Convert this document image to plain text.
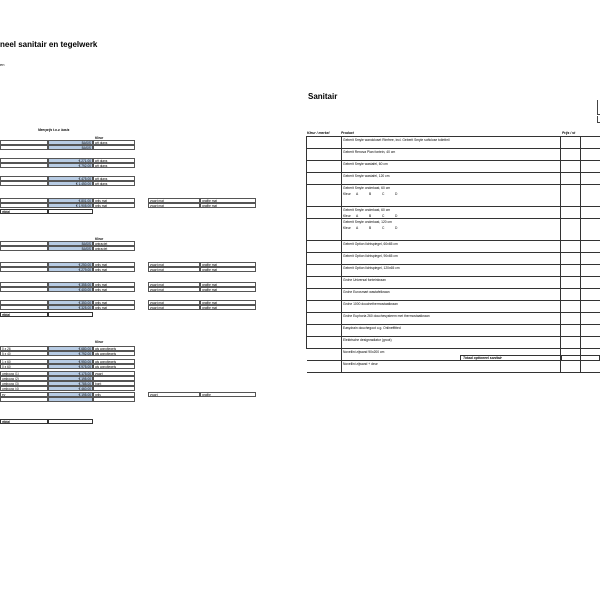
neel sanitair en tegelwerk
en
Meerprijs t.o.v. basis
Kleur
BASIS	wit glans
BASIS
€ 271,00	wit glans
€ 792,00	wit glans
€ 475,00	wit glans
€ 1.450,00	wit glans
€ 801,00	grijs mat	zwart mat	grafite mat
€ 1.905,00	grijs mat	zwart mat	grafite mat
rtbtal
Kleur
BASIS	antraciet
BASIS	antraciet
€ 250,00	grijs mat	zwart mat	grafite mat
€ 279,00	grijs mat	zwart mat	grafite mat
€ 355,00	grijs mat	zwart mat	grafite mat
€ 400,00	grijs mat	zwart mat	grafite mat
€ 350,00	grijs mat	zwart mat	grafite mat
€ 325,00	grijs mat	zwart mat	grafite mat
rtbtal
Kleur
0 x 26	€ 680,00	als wandtegels
5 x 40	€ 792,00	als wandtegels
1 x 60	€ 950,00	als wandtegels
0 x 60	€ 975,00	als wandtegels
ombouw (1)	€ 175,00	zwart
ombouw (2)	€ 195,00
ombouw (3)	€ 785,00	bont
ombouw (4)	€ 460,00
ev	€ 195,00	grijs	zwart	grafite
rtbtal
Sanitair
Kleur / merkel	Product	Prijs / st
Geberit Smyle wandcloset Rimfree, incl. Geberit Smyle softclose toiletbril
Geberit Renova Plan fontein, 40 cm
Geberit Smyle wastafel, 60 cm
Geberit Smyle wastafel, 120 cm
Geberit Smyle onderkast, 60 cm
Kleur A	B	C	D
Geberit Smyle onderkast, 60 cm
Kleur A	B	C	D
Geberit Smyle onderkast, 120 cm
Kleur A	B	C	D
Geberit Option lichtspiegel, 60x65 cm
Geberit Option lichtspiegel, 90x65 cm
Geberit Option lichtspiegel, 120x65 cm
Grohe Universal fonteinkraan
Grohe Eurosmart wastafelkraan
Grohe 1000 douchethermostaatkraan
Grohe Euphoria 260 douchesysteem met thermostaatkraan
Easydrain douchegoot o.g. Onlineffitted
Elektrische designradiator (groot)
Novellini zijwand 90x200 cm
Novellini zijwand + deur
Totaal optioneel sanitair
